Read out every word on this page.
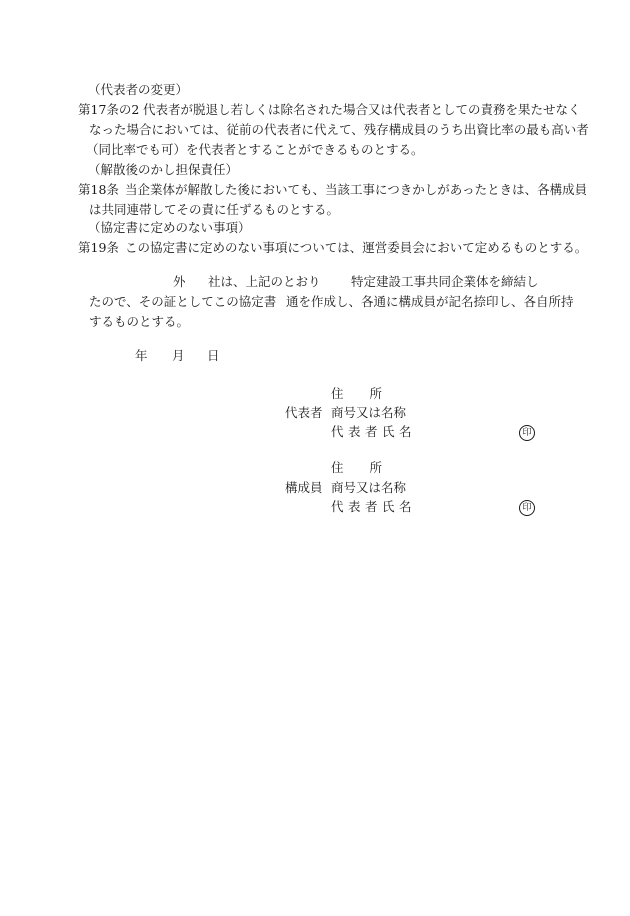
（代表者の変更）
第17条の2 代表者が脱退し若しくは除名された場合又は代表者としての責務を果たせなく
なった場合においては、従前の代表者に代えて、残存構成員のうち出資比率の最も高い者
（同比率でも可）を代表者とすることができるものとする。
（解散後のかし担保責任）
第18条 当企業体が解散した後においても、当該工事につきかしがあったときは、各構成員
は共同連帯してその責に任ずるものとする。
（協定書に定めのない事項）
第19条 この協定書に定めのない事項については、運営委員会において定めるものとする。
外 社は、上記のとおり 特定建設工事共同企業体を締結し
たので、その証としてこの協定書 通を作成し、各通に構成員が記名捺印し、各自所持
するものとする。
年 月 日
住所
代表者 商号又は名称
代表者氏名	印
住所
構成員 商号又は名称
代表者氏名	印
